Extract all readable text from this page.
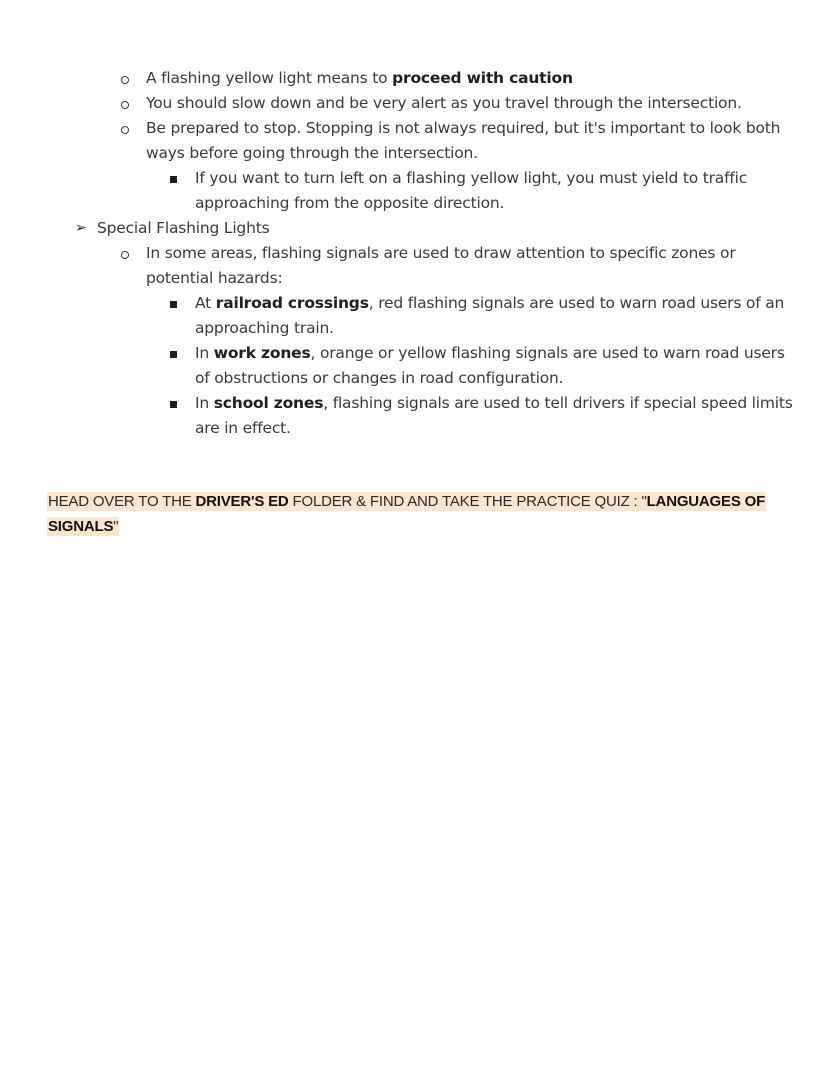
A flashing yellow light means to proceed with caution
You should slow down and be very alert as you travel through the intersection.
Be prepared to stop. Stopping is not always required, but it's important to look both
ways before going through the intersection.
If you want to turn left on a flashing yellow light, you must yield to traffic
approaching from the opposite direction.
➢ Special Flashing Lights
In some areas, flashing signals are used to draw attention to specific zones or
potential hazards:
At railroad crossings, red flashing signals are used to warn road users of an
approaching train.
In work zones, orange or yellow flashing signals are used to warn road users
of obstructions or changes in road configuration.
In school zones, flashing signals are used to tell drivers if special speed limits
are in effect.
HEAD OVER TO THE DRIVER'S ED FOLDER & FIND AND TAKE THE PRACTICE QUIZ : "LANGUAGES OF
SIGNALS"
